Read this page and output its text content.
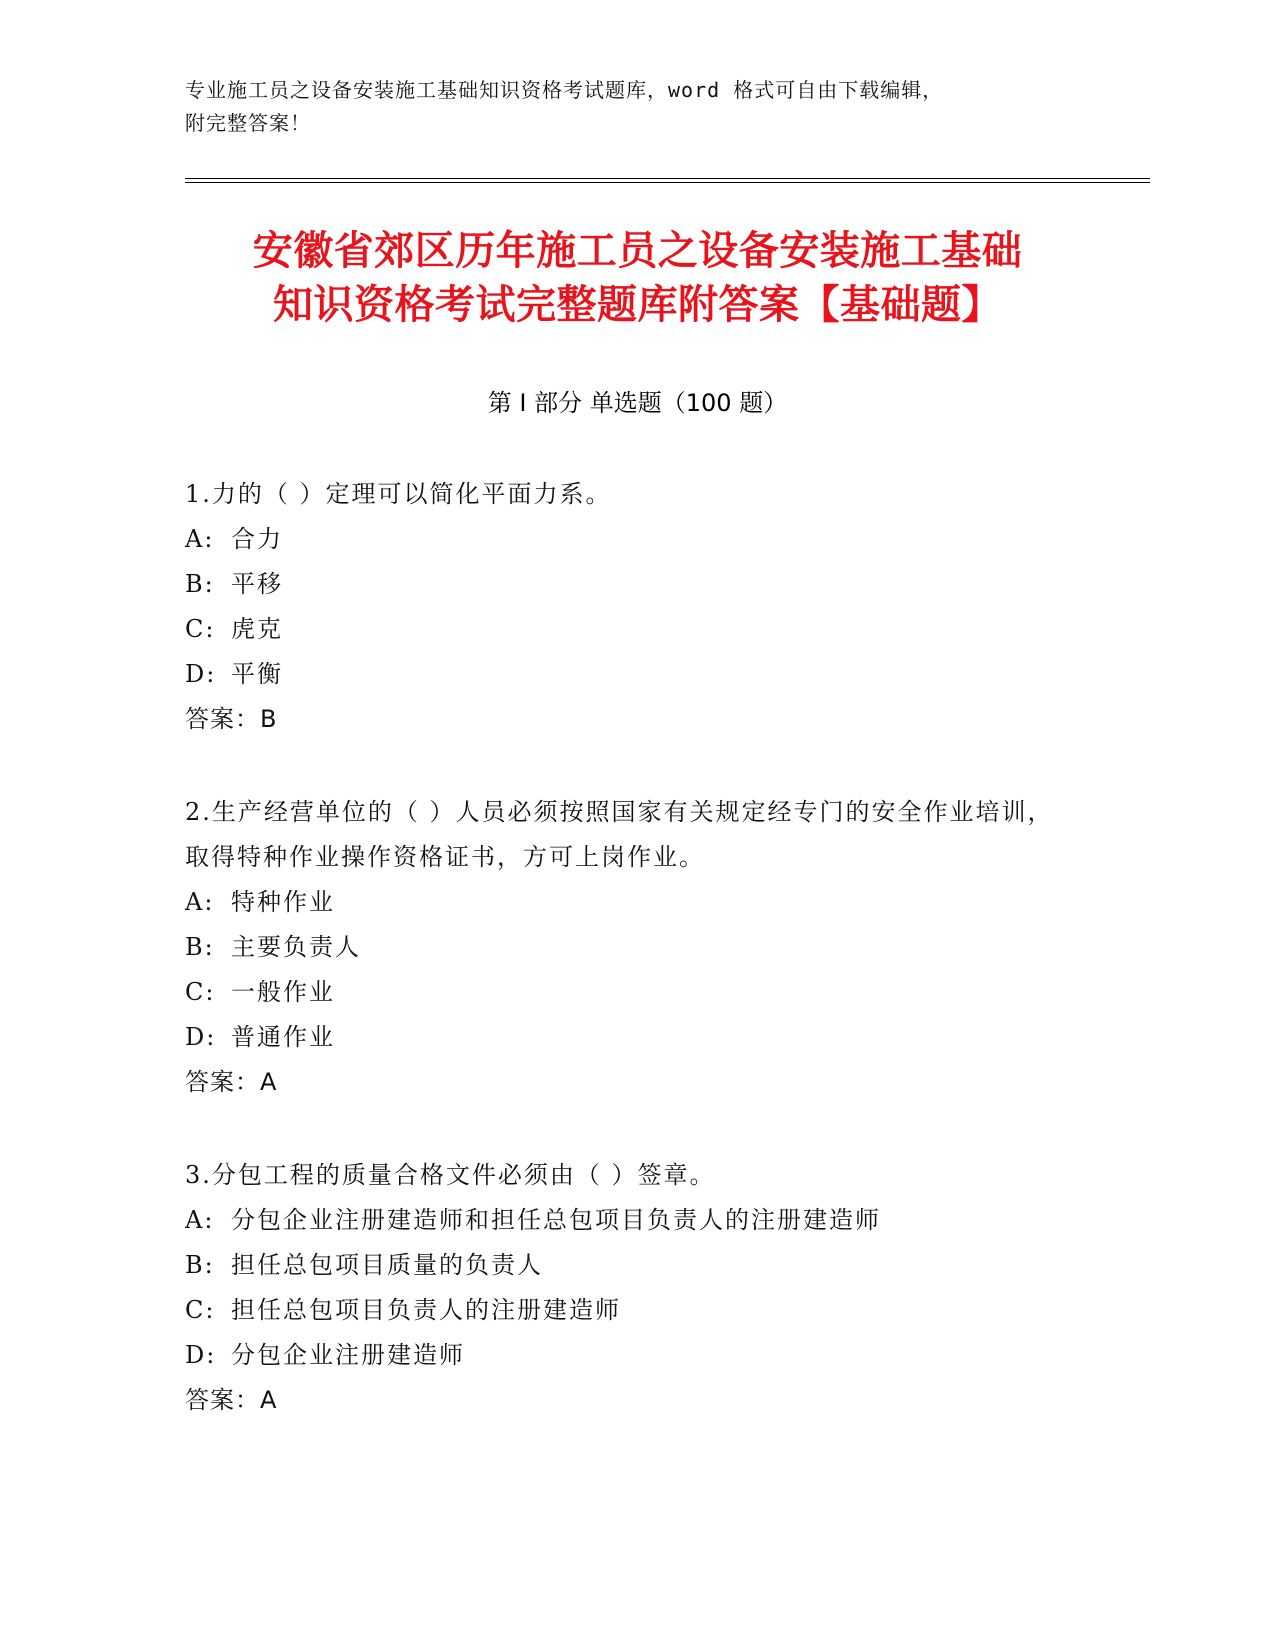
专业施工员之设备安装施工基础知识资格考试题库，word 格式可自由下载编辑，
附完整答案！
安徽省郊区历年施工员之设备安装施工基础
知识资格考试完整题库附答案【基础题】
第 I 部分 单选题（100 题）
1.力的（ ）定理可以简化平面力系。
A: 合力
B: 平移
C: 虎克
D: 平衡
答案：B
2.生产经营单位的（ ）人员必须按照国家有关规定经专门的安全作业培训，取得特种作业操作资格证书，方可上岗作业。
A: 特种作业
B: 主要负责人
C: 一般作业
D: 普通作业
答案：A
3.分包工程的质量合格文件必须由（ ）签章。
A: 分包企业注册建造师和担任总包项目负责人的注册建造师
B: 担任总包项目质量的负责人
C: 担任总包项目负责人的注册建造师
D: 分包企业注册建造师
答案：A
